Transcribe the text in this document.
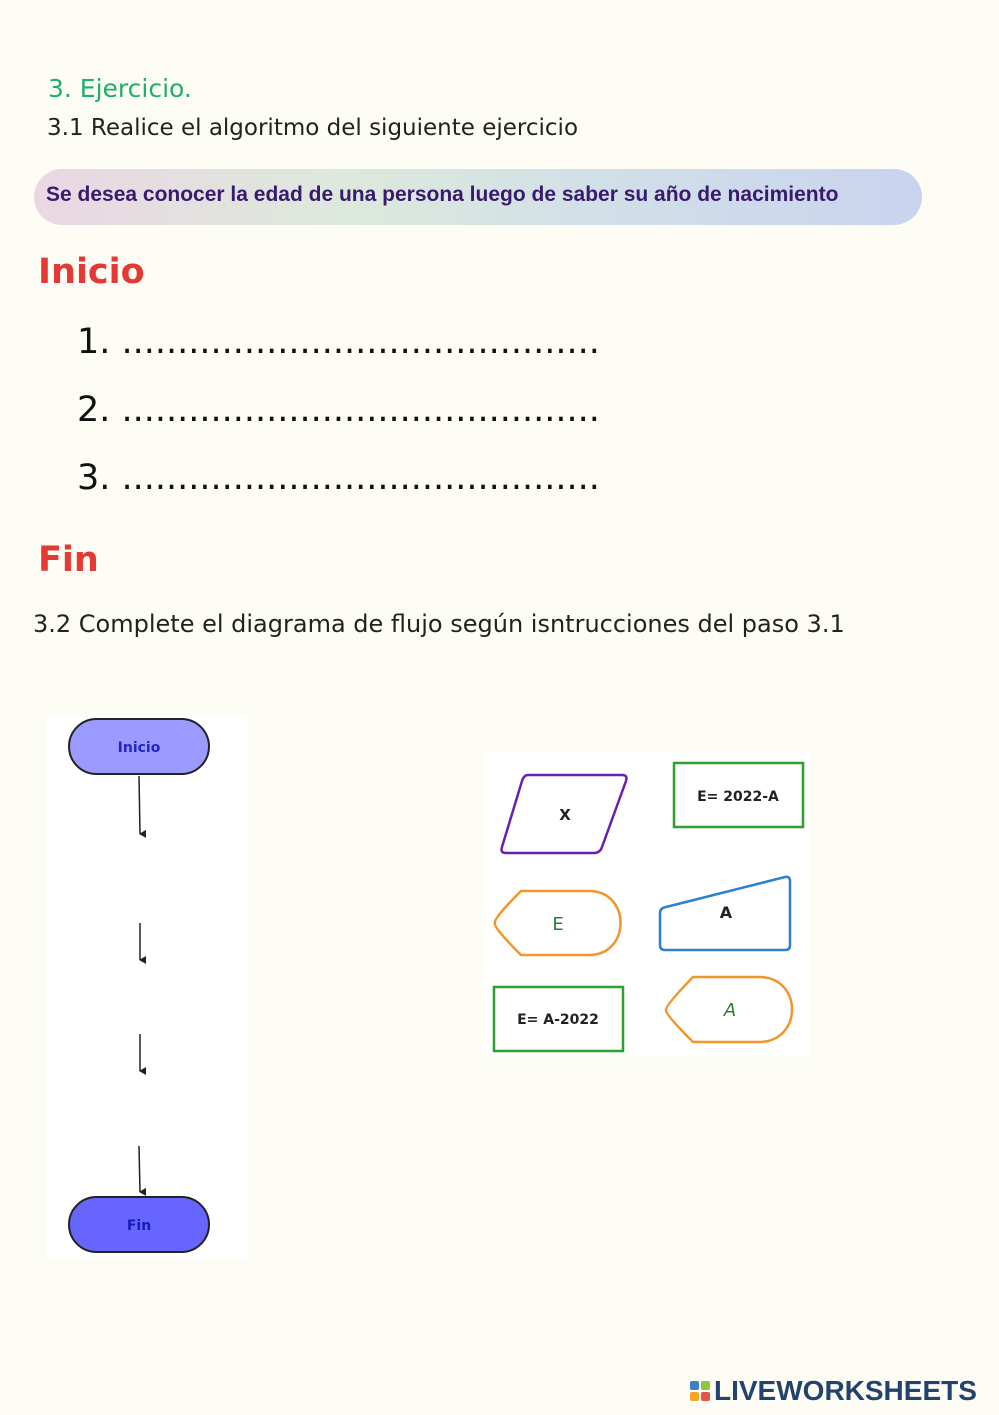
3. Ejercicio.
3.1 Realice el algoritmo del siguiente ejercicio
Se desea conocer la edad de una persona luego de saber su año de nacimiento
Inicio
1. ...........................................
2. ...........................................
3. ...........................................
Fin
3.2 Complete el diagrama de flujo según isntrucciones del paso 3.1
Inicio
Fin
X
E= 2022-A
E
A
E= A-2022	A
LIVEWORKSHEETS
